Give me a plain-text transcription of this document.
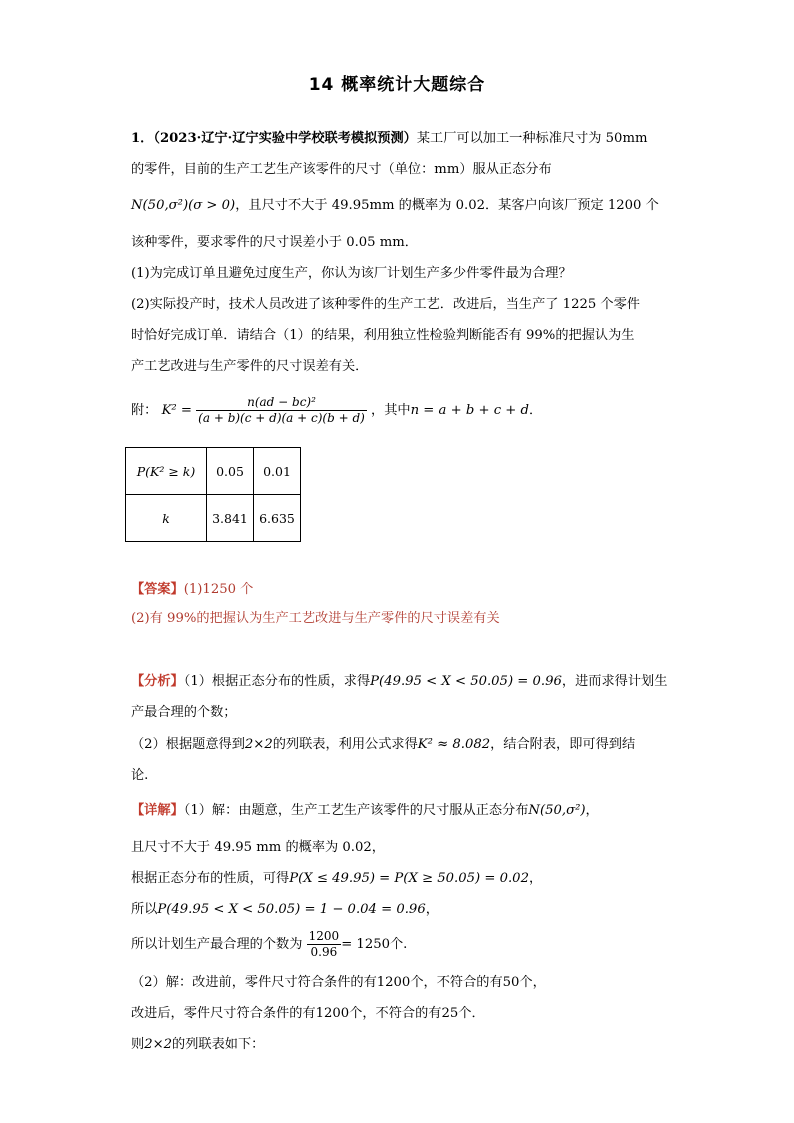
14 概率统计大题综合
1．（2023·辽宁·辽宁实验中学校联考模拟预测）某工厂可以加工一种标准尺寸为 50mm
的零件，目前的生产工艺生产该零件的尺寸（单位：mm）服从正态分布
N(50,σ²)(σ > 0)，且尺寸不大于 49.95mm 的概率为 0.02．某客户向该厂预定 1200 个
该种零件，要求零件的尺寸误差小于 0.05 mm．
(1)为完成订单且避免过度生产，你认为该厂计划生产多少件零件最为合理？
(2)实际投产时，技术人员改进了该种零件的生产工艺．改进后，当生产了 1225 个零件
时恰好完成订单．请结合（1）的结果，利用独立性检验判断能否有 99%的把握认为生
产工艺改进与生产零件的尺寸误差有关．
附： $K^2 = \frac{\text{n(ad − bc)²}}{(a + b)(c + d)(a + c)(b + d)}$ ，其中n = a + b + c + d．
P(K² ≥ k)	0.05	0.01
k	3.841	6.635
【答案】(1)1250 个
(2)有 99%的把握认为生产工艺改进与生产零件的尺寸误差有关
【分析】（1）根据正态分布的性质，求得P(49.95 < X < 50.05) = 0.96，进而求得计划生
产最合理的个数；
（2）根据题意得到2×2的列联表，利用公式求得K² ≈ 8.082，结合附表，即可得到结
论.
【详解】（1）解：由题意，生产工艺生产该零件的尺寸服从正态分布N(50,σ²)，
且尺寸不大于 49.95 mm 的概率为 0.02，
根据正态分布的性质，可得P(X ≤ 49.95) = P(X ≥ 50.05) = 0.02，
所以P(49.95 < X < 50.05) = 1 − 0.04 = 0.96，
所以计划生产最合理的个数为 $\frac{1200}{0.96} = 1250$个.
（2）解：改进前，零件尺寸符合条件的有1200个，不符合的有50个，
改进后，零件尺寸符合条件的有1200个，不符合的有25个．
则2×2的列联表如下：
